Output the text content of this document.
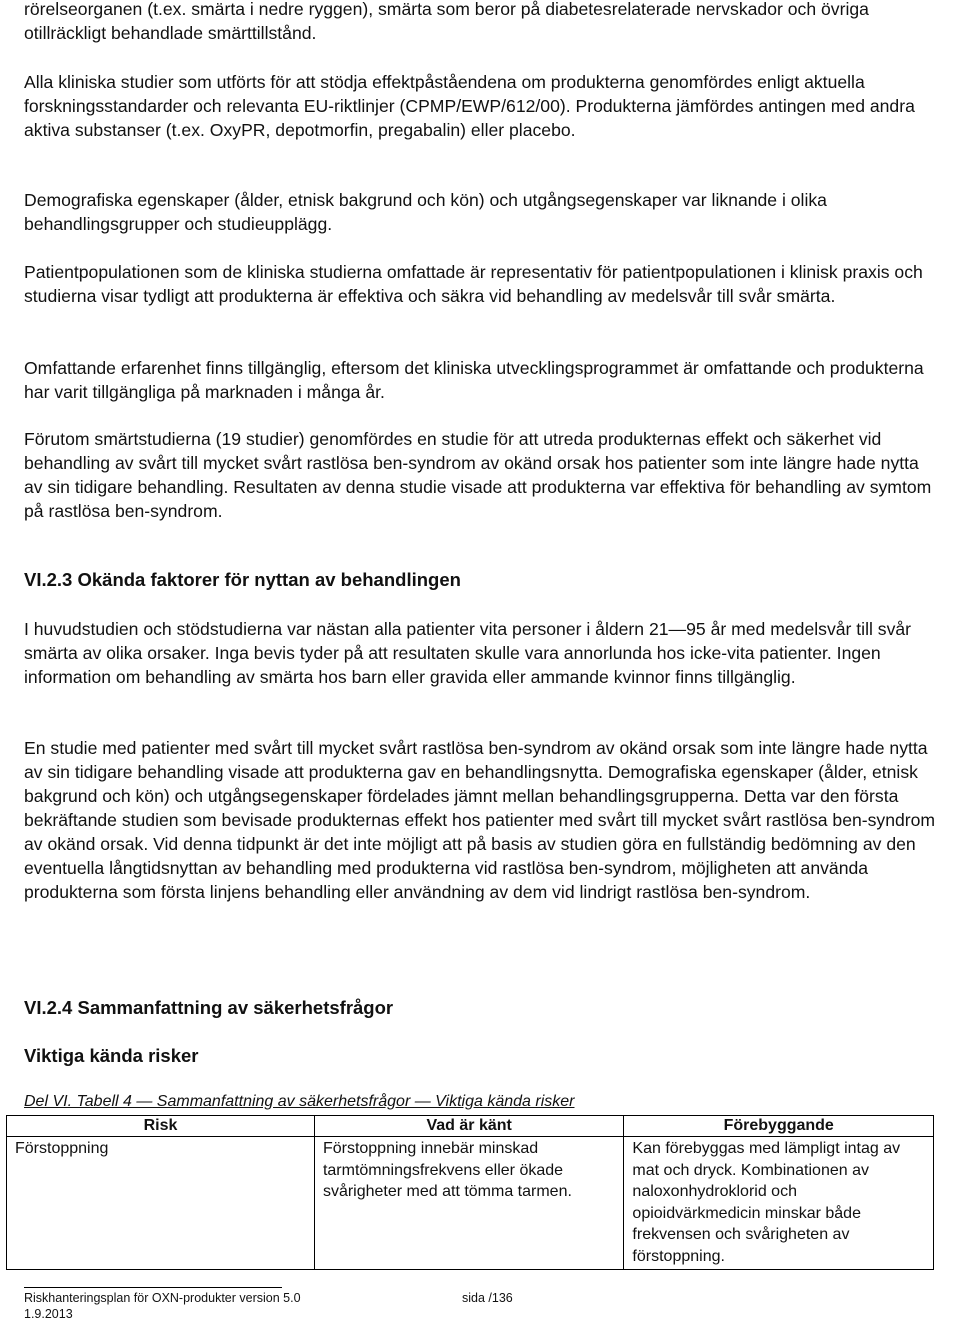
rörelseorganen (t.ex. smärta i nedre ryggen), smärta som beror på diabetesrelaterade nervskador och övriga otillräckligt behandlade smärttillstånd.

Alla kliniska studier som utförts för att stödja effektpåståendena om produkterna genomfördes enligt aktuella forskningsstandarder och relevanta EU-riktlinjer (CPMP/EWP/612/00). Produkterna jämfördes antingen med andra aktiva substanser (t.ex. OxyPR, depotmorfin, pregabalin) eller placebo.

Demografiska egenskaper (ålder, etnisk bakgrund och kön) och utgångsegenskaper var liknande i olika behandlingsgrupper och studieupplägg.

Patientpopulationen som de kliniska studierna omfattade är representativ för patientpopulationen i klinisk praxis och studierna visar tydligt att produkterna är effektiva och säkra vid behandling av medelsvår till svår smärta.

Omfattande erfarenhet finns tillgänglig, eftersom det kliniska utvecklingsprogrammet är omfattande och produkterna har varit tillgängliga på marknaden i många år.

Förutom smärtstudierna (19 studier) genomfördes en studie för att utreda produkternas effekt och säkerhet vid behandling av svårt till mycket svårt rastlösa ben-syndrom av okänd orsak hos patienter som inte längre hade nytta av sin tidigare behandling. Resultaten av denna studie visade att produkterna var effektiva för behandling av symtom på rastlösa ben-syndrom.

VI.2.3 Okända faktorer för nyttan av behandlingen

I huvudstudien och stödstudierna var nästan alla patienter vita personer i åldern 21―95 år med medelsvår till svår smärta av olika orsaker. Inga bevis tyder på att resultaten skulle vara annorlunda hos icke-vita patienter. Ingen information om behandling av smärta hos barn eller gravida eller ammande kvinnor finns tillgänglig.

En studie med patienter med svårt till mycket svårt rastlösa ben-syndrom av okänd orsak som inte längre hade nytta av sin tidigare behandling visade att produkterna gav en behandlingsnytta. Demografiska egenskaper (ålder, etnisk bakgrund och kön) och utgångsegenskaper fördelades jämnt mellan behandlingsgrupperna. Detta var den första bekräftande studien som bevisade produkternas effekt hos patienter med svårt till mycket svårt rastlösa ben-syndrom av okänd orsak. Vid denna tidpunkt är det inte möjligt att på basis av studien göra en fullständig bedömning av den eventuella långtidsnyttan av behandling med produkterna vid rastlösa ben-syndrom, möjligheten att använda produkterna som första linjens behandling eller användning av dem vid lindrigt rastlösa ben-syndrom.

VI.2.4 Sammanfattning av säkerhetsfrågor
Viktiga kända risker
Del VI. Tabell 4 ― Sammanfattning av säkerhetsfrågor ― Viktiga kända risker
Risk	Vad är känt	Förebyggande
Förstoppning	Förstoppning innebär minskad tarmtömningsfrekvens eller ökade svårigheter med att tömma tarmen.	Kan förebyggas med lämpligt intag av mat och dryck. Kombinationen av naloxonhydroklorid och opioidvärkmedicin minskar både frekvensen och svårigheten av förstoppning.
Riskhanteringsplan för OXN-produkter version 5.0
1.9.2013
sida /136
